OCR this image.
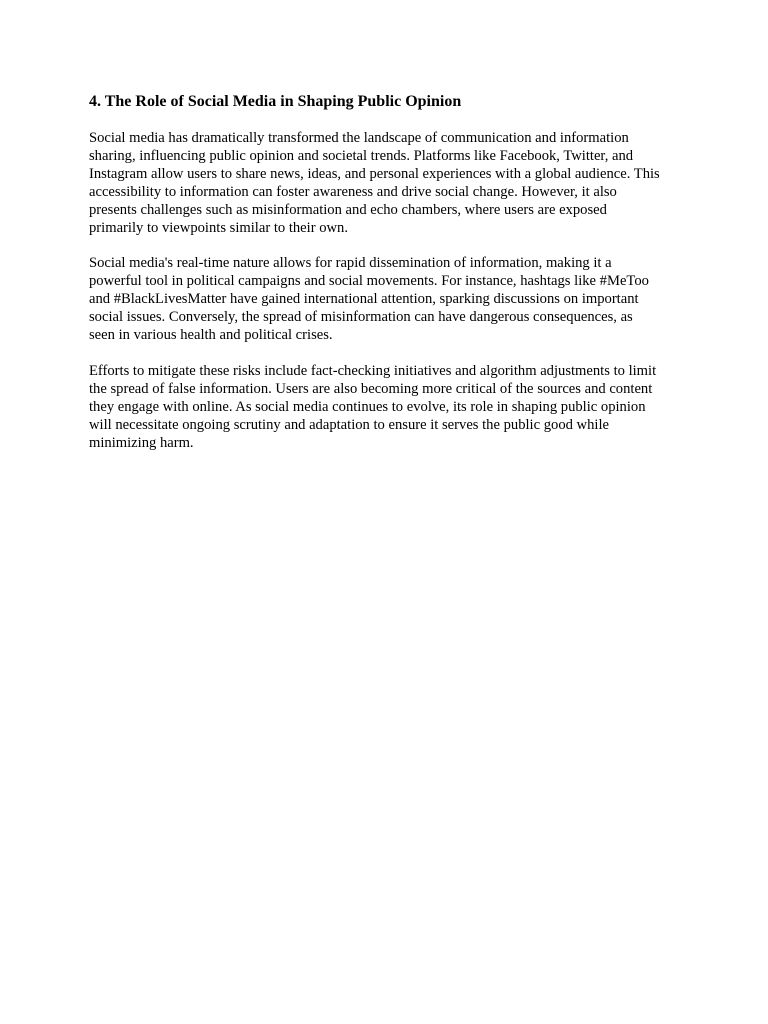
4. The Role of Social Media in Shaping Public Opinion

Social media has dramatically transformed the landscape of communication and information
sharing, influencing public opinion and societal trends. Platforms like Facebook, Twitter, and
Instagram allow users to share news, ideas, and personal experiences with a global audience. This
accessibility to information can foster awareness and drive social change. However, it also
presents challenges such as misinformation and echo chambers, where users are exposed
primarily to viewpoints similar to their own.

Social media's real-time nature allows for rapid dissemination of information, making it a
powerful tool in political campaigns and social movements. For instance, hashtags like #MeToo
and #BlackLivesMatter have gained international attention, sparking discussions on important
social issues. Conversely, the spread of misinformation can have dangerous consequences, as
seen in various health and political crises.

Efforts to mitigate these risks include fact-checking initiatives and algorithm adjustments to limit
the spread of false information. Users are also becoming more critical of the sources and content
they engage with online. As social media continues to evolve, its role in shaping public opinion
will necessitate ongoing scrutiny and adaptation to ensure it serves the public good while
minimizing harm.
